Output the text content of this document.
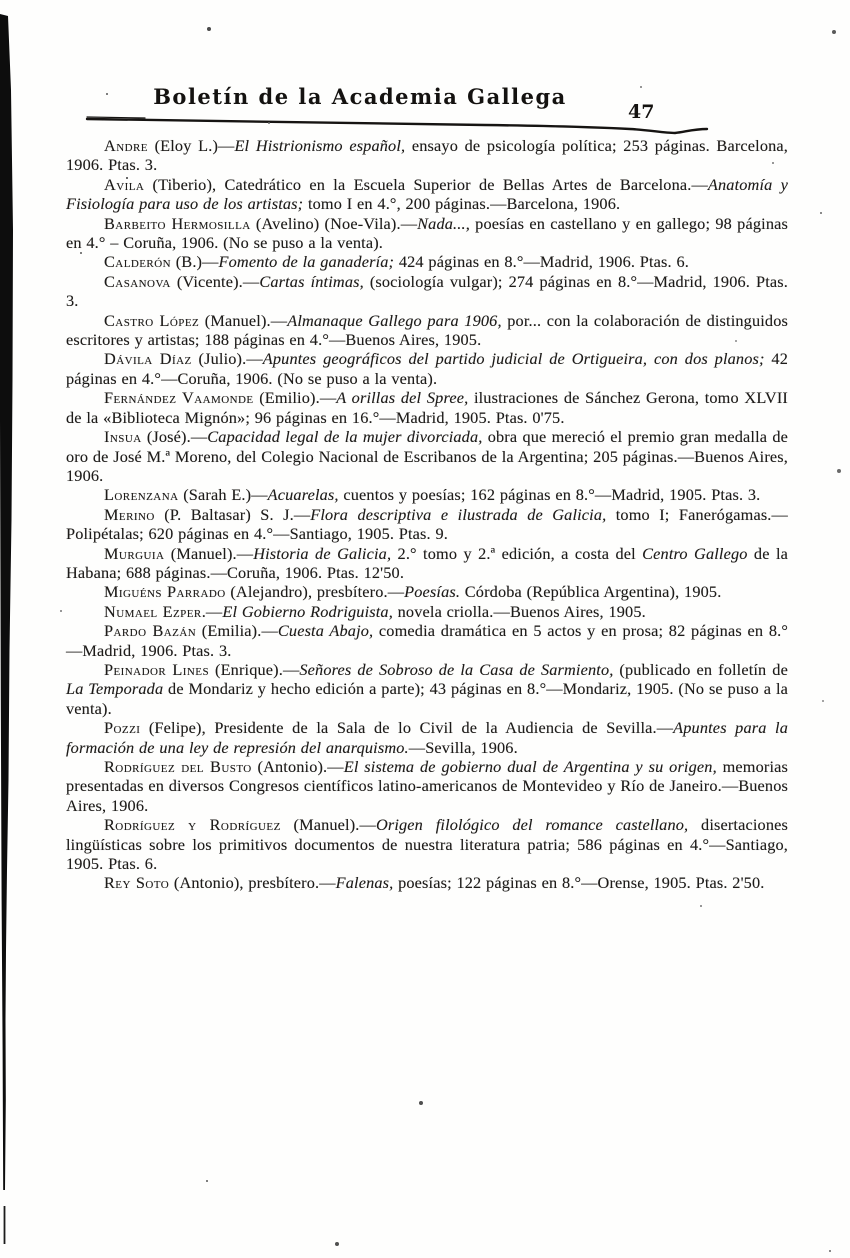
Boletín de la Academia Gallega
47

Andre (Eloy L.)—El Histrionismo español, ensayo de psicología política; 253 páginas. Barcelona, 1906. Ptas. 3.

Avila (Tiberio), Catedrático en la Escuela Superior de Bellas Artes de Barcelona.—Anatomía y Fisiología para uso de los artistas; tomo I en 4.°, 200 páginas.—Barcelona, 1906.

Barbeito Hermosilla (Avelino) (Noe-Vila).—Nada..., poesías en castellano y en gallego; 98 páginas en 4.° – Coruña, 1906. (No se puso a la venta).

Calderón (B.)—Fomento de la ganadería; 424 páginas en 8.°—Madrid, 1906. Ptas. 6.

Casanova (Vicente).—Cartas íntimas, (sociología vulgar); 274 páginas en 8.°—Madrid, 1906. Ptas. 3.

Castro López (Manuel).—Almanaque Gallego para 1906, por... con la colaboración de distinguidos escritores y artistas; 188 páginas en 4.°—Buenos Aires, 1905.

Dávila Díaz (Julio).—Apuntes geográficos del partido judicial de Ortigueira, con dos planos; 42 páginas en 4.°—Coruña, 1906. (No se puso a la venta).

Fernández Vaamonde (Emilio).—A orillas del Spree, ilustraciones de Sánchez Gerona, tomo XLVII de la «Biblioteca Mignón»; 96 páginas en 16.°—Madrid, 1905. Ptas. 0'75.

Insua (José).—Capacidad legal de la mujer divorciada, obra que mereció el premio gran medalla de oro de José M.ª Moreno, del Colegio Nacional de Escribanos de la Argentina; 205 páginas.—Buenos Aires, 1906.

Lorenzana (Sarah E.)—Acuarelas, cuentos y poesías; 162 páginas en 8.°—Madrid, 1905. Ptas. 3.

Merino (P. Baltasar) S. J.—Flora descriptiva e ilustrada de Galicia, tomo I; Fanerógamas.—Polipétalas; 620 páginas en 4.°—Santiago, 1905. Ptas. 9.

Murguia (Manuel).—Historia de Galicia, 2.° tomo y 2.ª edición, a costa del Centro Gallego de la Habana; 688 páginas.—Coruña, 1906. Ptas. 12'50.

Miguéns Parrado (Alejandro), presbítero.—Poesías. Córdoba (República Argentina), 1905.

Numael Ezper.—El Gobierno Rodriguista, novela criolla.—Buenos Aires, 1905.

Pardo Bazán (Emilia).—Cuesta Abajo, comedia dramática en 5 actos y en prosa; 82 páginas en 8.°—Madrid, 1906. Ptas. 3.

Peinador Lines (Enrique).—Señores de Sobroso de la Casa de Sarmiento, (publicado en folletín de La Temporada de Mondariz y hecho edición a parte); 43 páginas en 8.°—Mondariz, 1905. (No se puso a la venta).

Pozzi (Felipe), Presidente de la Sala de lo Civil de la Audiencia de Sevilla.—Apuntes para la formación de una ley de represión del anarquismo.—Sevilla, 1906.

Rodríguez del Busto (Antonio).—El sistema de gobierno dual de Argentina y su origen, memorias presentadas en diversos Congresos científicos latino-americanos de Montevideo y Río de Janeiro.—Buenos Aires, 1906.

Rodríguez y Rodríguez (Manuel).—Origen filológico del romance castellano, disertaciones lingüísticas sobre los primitivos documentos de nuestra literatura patria; 586 páginas en 4.°—Santiago, 1905. Ptas. 6.

Rey Soto (Antonio), presbítero.—Falenas, poesías; 122 páginas en 8.°—Orense, 1905. Ptas. 2'50.
